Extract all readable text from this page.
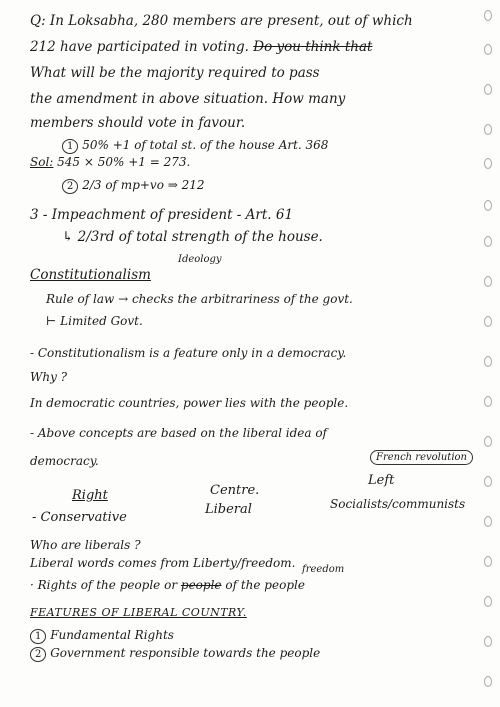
Q: In Loksabha, 280 members are present, out of which
212 have participated in voting. Do you think that
What will be the majority required to pass
the amendment in above situation. How many
members should vote in favour.
1 50% +1 of total st. of the house Art. 368
Sol: 545 × 50% +1 = 273.
2 2/3 of mp+vo ⇒ 212
3 - Impeachment of president - Art. 61
↳ 2/3rd of total strength of the house.
Ideology
Constitutionalism
Rule of law → checks the arbitrariness of the govt.
⊢ Limited Govt.
- Constitutionalism is a feature only in a democracy.
Why ?
In democratic countries, power lies with the people.
- Above concepts are based on the liberal idea of
democracy.	French revolution
Left
Centre.
Right
Socialists/communists
Liberal
- Conservative
Who are liberals ?
Liberal words comes from Liberty/freedom. freedom
· Rights of the people or people of the people
FEATURES OF LIBERAL COUNTRY.
1 Fundamental Rights
2 Government responsible towards the people
